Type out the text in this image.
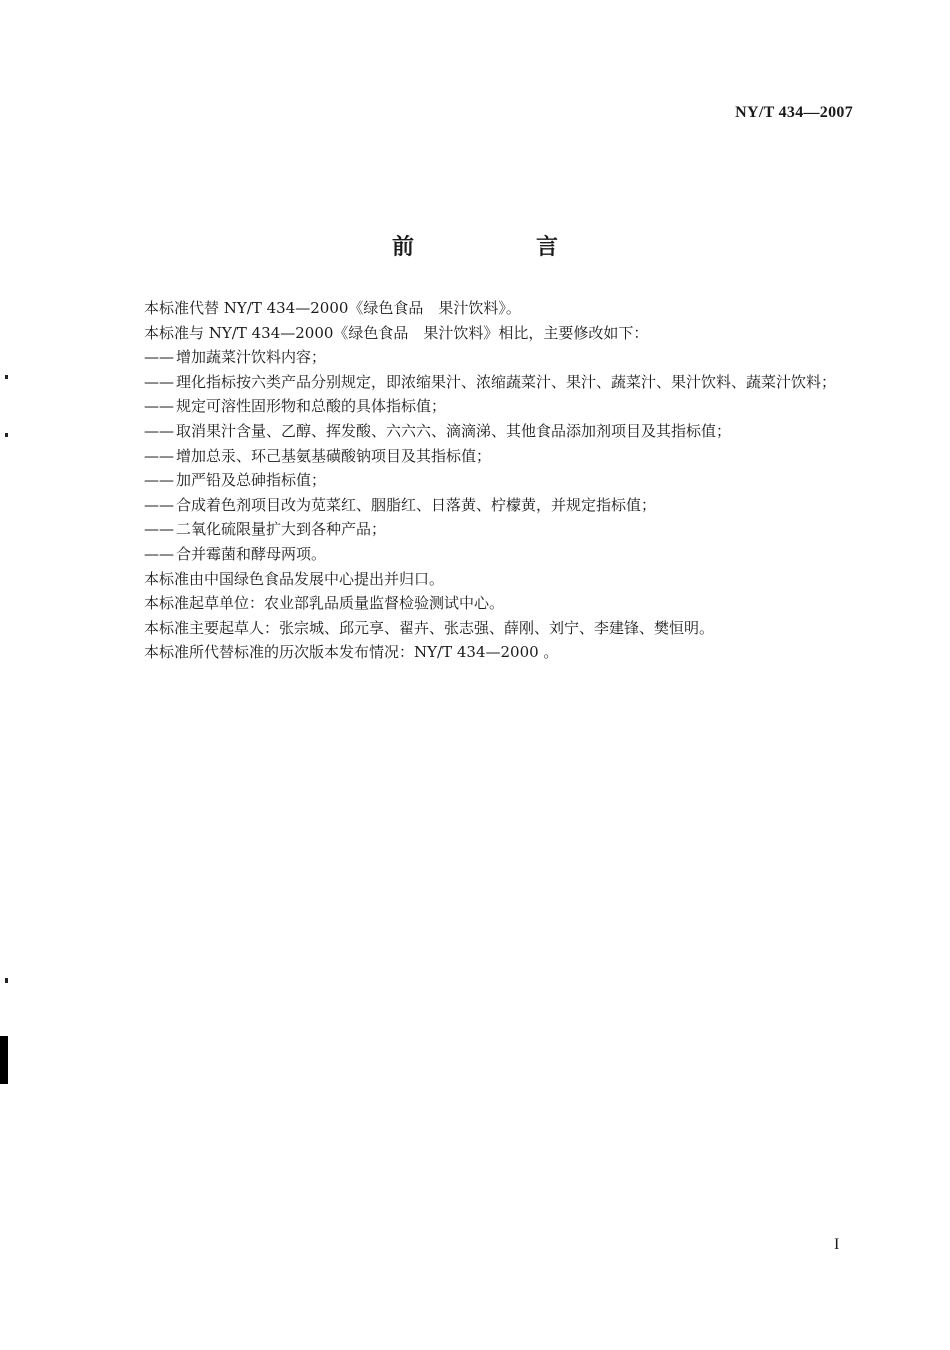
NY/T 434—2007
前　言

本标准代替 NY/T 434—2000《绿色食品　果汁饮料》。

本标准与 NY/T 434—2000《绿色食品　果汁饮料》相比，主要修改如下：

—— 增加蔬菜汁饮料内容；

—— 理化指标按六类产品分别规定，即浓缩果汁、浓缩蔬菜汁、果汁、蔬菜汁、果汁饮料、蔬菜汁饮料；

—— 规定可溶性固形物和总酸的具体指标值；

—— 取消果汁含量、乙醇、挥发酸、六六六、滴滴涕、其他食品添加剂项目及其指标值；

—— 增加总汞、环己基氨基磺酸钠项目及其指标值；

—— 加严铅及总砷指标值；

—— 合成着色剂项目改为苋菜红、胭脂红、日落黄、柠檬黄，并规定指标值；

—— 二氧化硫限量扩大到各种产品；

—— 合并霉菌和酵母两项。

本标准由中国绿色食品发展中心提出并归口。

本标准起草单位：农业部乳品质量监督检验测试中心。

本标准主要起草人：张宗城、邱元享、翟卉、张志强、薛刚、刘宁、李建锋、樊恒明。

本标准所代替标准的历次版本发布情况：NY/T 434—2000 。

I
